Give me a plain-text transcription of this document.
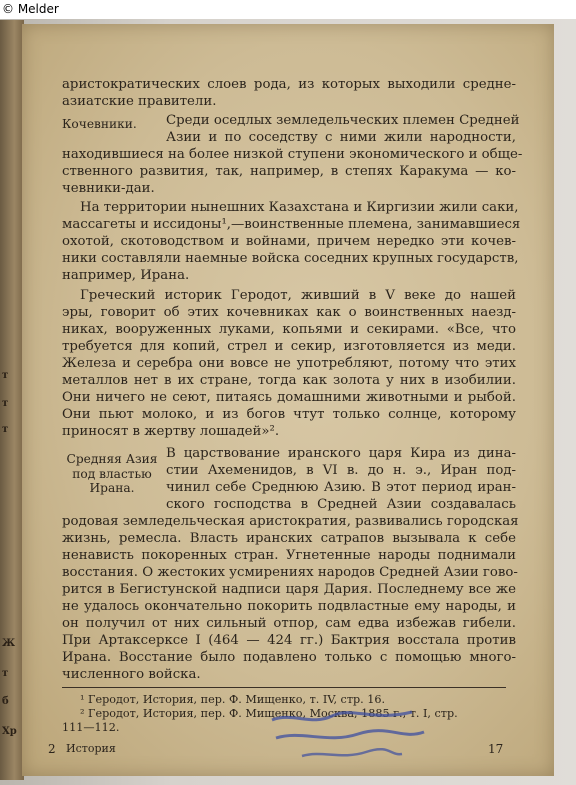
© Melder
т
т
т
Ж
т
б
Хр
аристократических слоев рода, из которых выходили средне-
азиатские правители.
Кочевники.	Среди оседлых земледельческих племен Средней
Азии и по соседству с ними жили народности,
находившиеся на более низкой ступени экономического и обще-
ственного развития, так, например, в степях Каракума — ко-
чевники-даи.
На территории нынешних Казахстана и Киргизии жили саки,
массагеты и иссидоны¹,—воинственные племена, занимавшиеся
охотой, скотоводством и войнами, причем нередко эти кочев-
ники составляли наемные войска соседних крупных государств,
например, Ирана.
Греческий историк Геродот, живший в V веке до нашей
эры, говорит об этих кочевниках как о воинственных наезд-
никах, вооруженных луками, копьями и секирами. «Все, что
требуется для копий, стрел и секир, изготовляется из меди.
Железа и серебра они вовсе не употребляют, потому что этих
металлов нет в их стране, тогда как золота у них в изобилии.
Они ничего не сеют, питаясь домашними животными и рыбой.
Они пьют молоко, и из богов чтут только солнце, которому
приносят в жертву лошадей»².
Средняя Азия
под властью
Ирана.
В царствование иранского царя Кира из дина-
стии Ахеменидов, в VI в. до н. э., Иран под-
чинил себе Среднюю Азию. В этот период иран-
ского господства в Средней Азии создавалась
родовая земледельческая аристократия, развивались городская
жизнь, ремесла. Власть иранских сатрапов вызывала к себе
ненависть покоренных стран. Угнетенные народы поднимали
восстания. О жестоких усмирениях народов Средней Азии гово-
рится в Бегистунской надписи царя Дария. Последнему все же
не удалось окончательно покорить подвластные ему народы, и
он получил от них сильный отпор, сам едва избежав гибели.
При Артаксерксе I (464 — 424 гг.) Бактрия восстала против
Ирана. Восстание было подавлено только с помощью много-
численного войска.
¹ Геродот, История, пер. Ф. Мищенко, т. IV, стр. 16.
² Геродот, История, пер. Ф. Мищенко, Москва, 1885 г., т. I, стр.
111—112.
2 История	17
